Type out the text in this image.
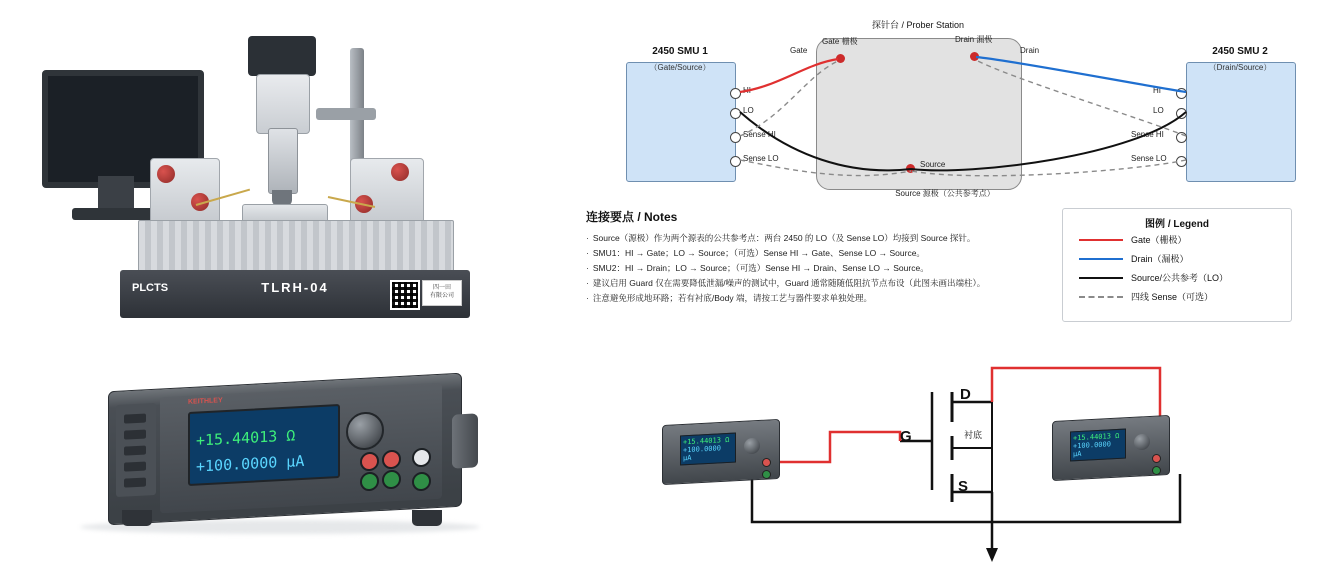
PLCTS	TLRH-04	四一田
有限公司
KEITHLEY
+15.44013 Ω
+100.0000 µA
探针台 / Prober Station
2450 SMU 1
（Gate/Source）
2450 SMU 2
（Drain/Source）
HI
LO
Sense HI
Sense LO
HI
LO
Sense HI
Sense LO
Gate 栅极	Drain 漏极
Source
Source 源极（公共参考点）
Gate	Drain
连接要点 / Notes
· Source（源极）作为两个源表的公共参考点：两台 2450 的 LO（及 Sense LO）均接到 Source 探针。
· SMU1：HI → Gate；LO → Source；（可选）Sense HI → Gate、Sense LO → Source。
· SMU2：HI → Drain；LO → Source；（可选）Sense HI → Drain、Sense LO → Source。
· 建议启用 Guard 仅在需要降低泄漏/噪声的测试中，Guard 通常随随低阻抗节点布设（此图未画出端柱）。
· 注意避免形成地环路；若有衬底/Body 端，请按工艺与器件要求单独处理。
图例 / Legend
Gate（栅极）
Drain（漏极）
Source/公共参考（LO）
四线 Sense（可选）
D
G
S
衬底
+15.44013 Ω
+100.0000 µA
+15.44013 Ω
+100.0000 µA
